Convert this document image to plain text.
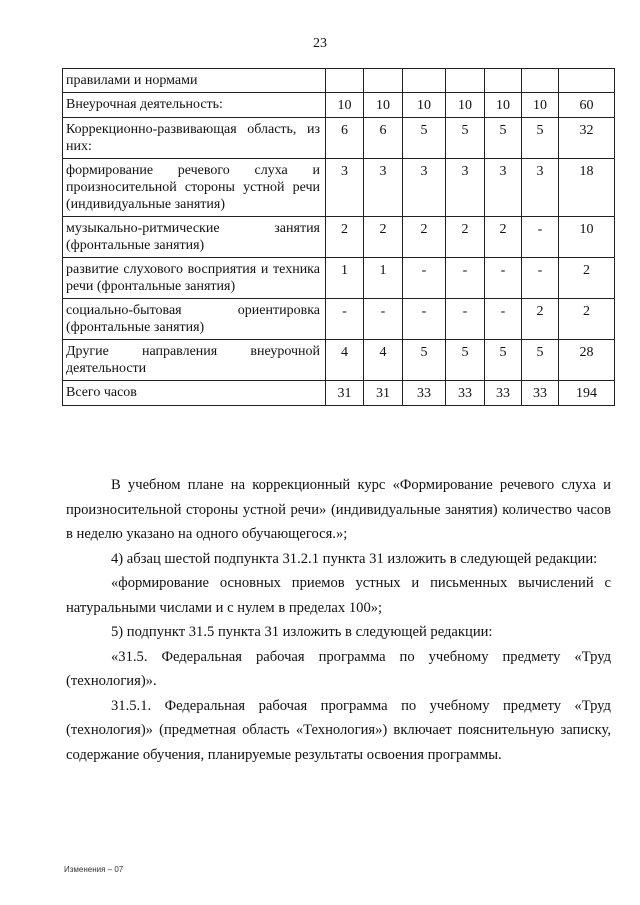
23
правилами и нормами							
Внеурочная деятельность:	10	10	10	10	10	10	60
Коррекционно-развивающая область, из них:	6	6	5	5	5	5	32
формирование речевого слуха и произносительной стороны устной речи (индивидуальные занятия)	3	3	3	3	3	3	18
музыкально-ритмические занятия (фронтальные занятия)	2	2	2	2	2	-	10
развитие слухового восприятия и техника речи (фронтальные занятия)	1	1	-	-	-	-	2
социально-бытовая ориентировка (фронтальные занятия)	-	-	-	-	-	2	2
Другие направления внеурочной деятельности	4	4	5	5	5	5	28
Всего часов	31	31	33	33	33	33	194

В учебном плане на коррекционный курс «Формирование речевого слуха и произносительной стороны устной речи» (индивидуальные занятия) количество часов в неделю указано на одного обучающегося.»;

4) абзац шестой подпункта 31.2.1 пункта 31 изложить в следующей редакции:

«формирование основных приемов устных и письменных вычислений с натуральными числами и с нулем в пределах 100»;

5) подпункт 31.5 пункта 31 изложить в следующей редакции:

«31.5. Федеральная рабочая программа по учебному предмету «Труд (технология)».

31.5.1. Федеральная рабочая программа по учебному предмету «Труд (технология)» (предметная область «Технология») включает пояснительную записку, содержание обучения, планируемые результаты освоения программы.

Изменения – 07
